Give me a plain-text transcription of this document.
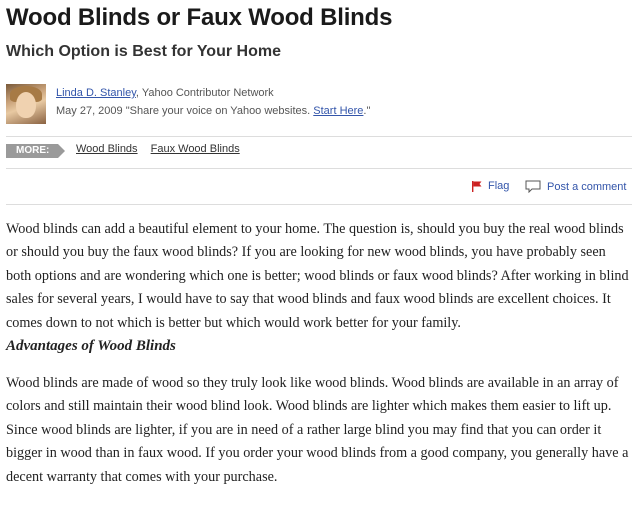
Wood Blinds or Faux Wood Blinds
Which Option is Best for Your Home
Linda D. Stanley, Yahoo Contributor Network
May 27, 2009 "Share your voice on Yahoo websites. Start Here."
MORE:	Wood Blinds Faux Wood Blinds
Flag	Post a comment

Wood blinds can add a beautiful element to your home. The question is, should you buy the real wood blinds or should you buy the faux wood blinds? If you are looking for new wood blinds, you have probably seen both options and are wondering which one is better; wood blinds or faux wood blinds? After working in blind sales for several years, I would have to say that wood blinds and faux wood blinds are excellent choices. It comes down to not which is better but which would work better for your family.

Advantages of Wood Blinds

Wood blinds are made of wood so they truly look like wood blinds. Wood blinds are available in an array of colors and still maintain their wood blind look. Wood blinds are lighter which makes them easier to lift up. Since wood blinds are lighter, if you are in need of a rather large blind you may find that you can order it bigger in wood than in faux wood. If you order your wood blinds from a good company, you generally have a decent warranty that comes with your purchase.
